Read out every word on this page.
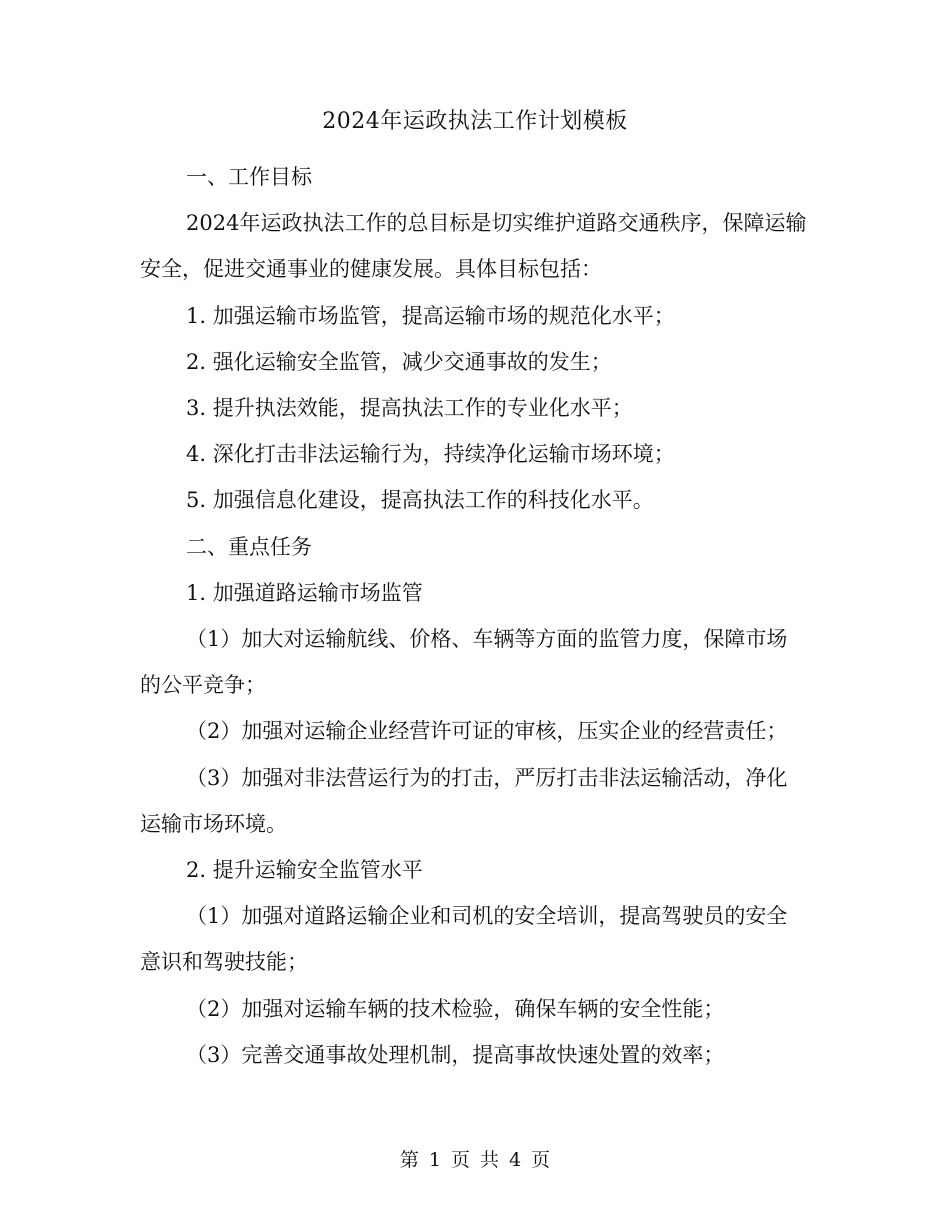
2024年运政执法工作计划模板

一、工作目标

2024年运政执法工作的总目标是切实维护道路交通秩序，保障运输安全，促进交通事业的健康发展。具体目标包括：

1. 加强运输市场监管，提高运输市场的规范化水平；

2. 强化运输安全监管，减少交通事故的发生；

3. 提升执法效能，提高执法工作的专业化水平；

4. 深化打击非法运输行为，持续净化运输市场环境；

5. 加强信息化建设，提高执法工作的科技化水平。

二、重点任务

1. 加强道路运输市场监管

（1）加大对运输航线、价格、车辆等方面的监管力度，保障市场的公平竞争；

（2）加强对运输企业经营许可证的审核，压实企业的经营责任；

（3）加强对非法营运行为的打击，严厉打击非法运输活动，净化运输市场环境。

2. 提升运输安全监管水平

（1）加强对道路运输企业和司机的安全培训，提高驾驶员的安全意识和驾驶技能；

（2）加强对运输车辆的技术检验，确保车辆的安全性能；

（3）完善交通事故处理机制，提高事故快速处置的效率；

第 1 页 共 4 页
